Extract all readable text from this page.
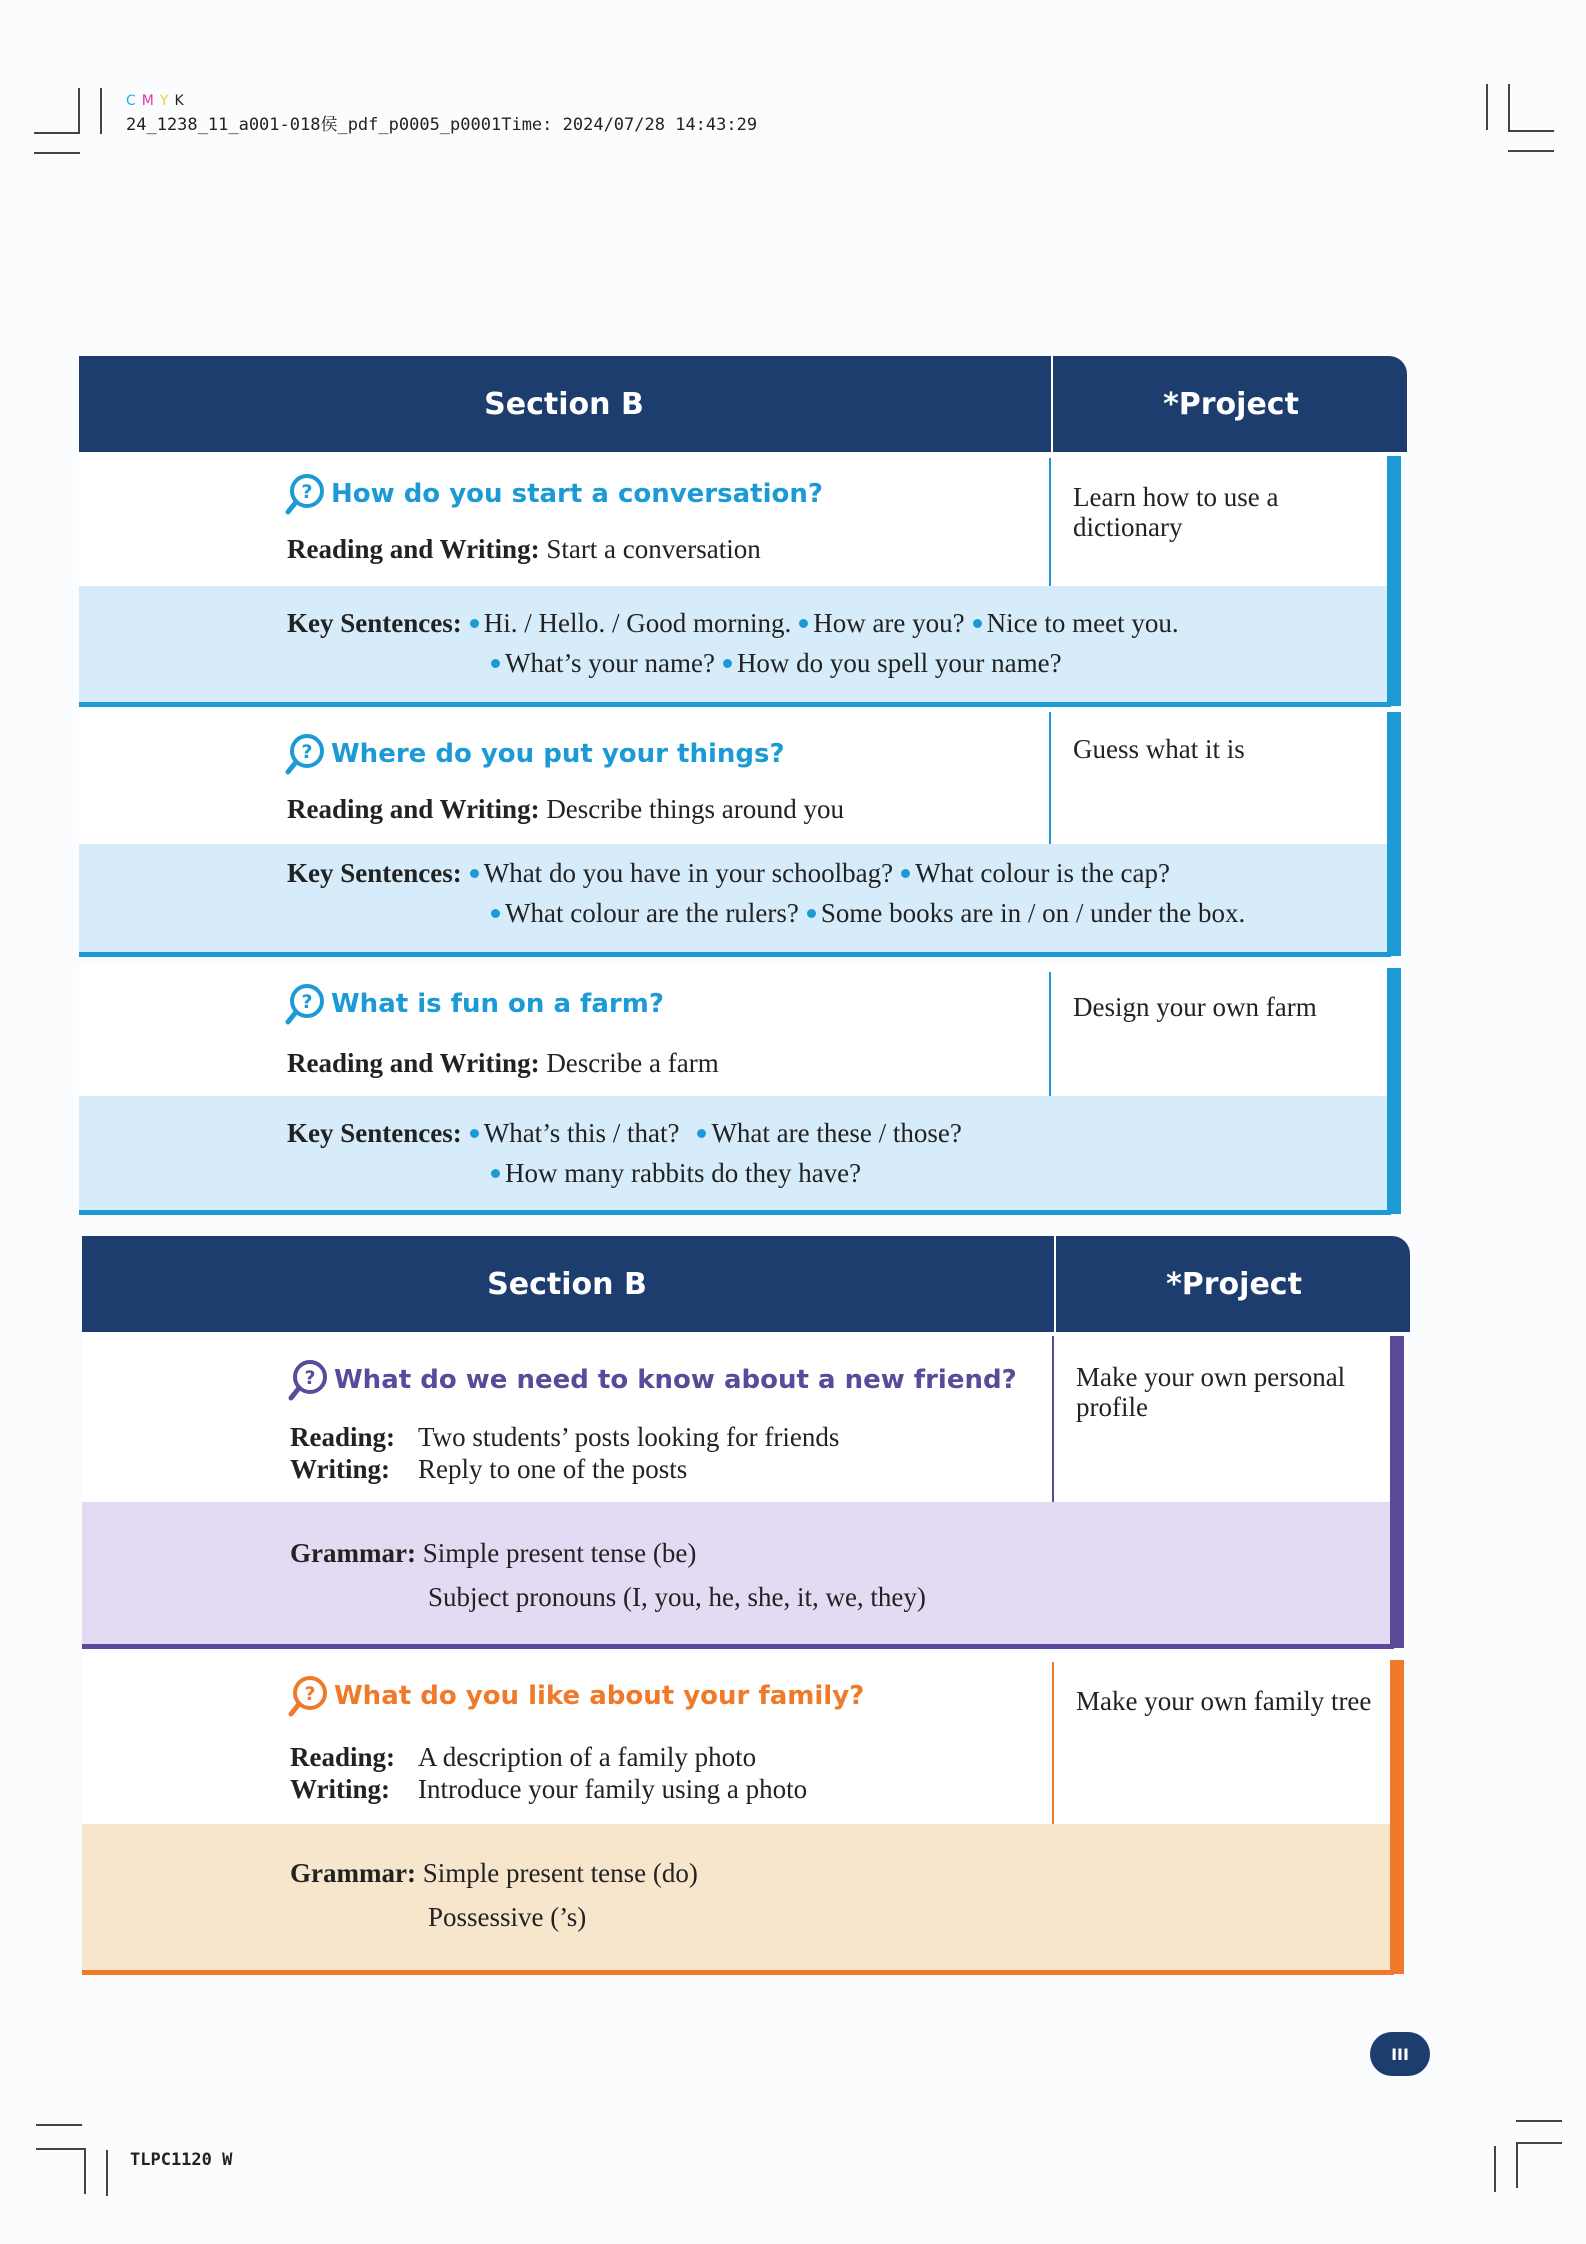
C M Y K
24_1238_11_a001-018侯_pdf_p0005_p0001Time: 2024/07/28 14:43:29
TLPC1120 W
Section B	*Project
? How do you start a conversation?
Reading and Writing: Start a conversation
Learn how to use a dictionary
Key Sentences: Hi. / Hello. / Good morning. How are you? Nice to meet you.
What’s your name? How do you spell your name?
? Where do you put your things?
Reading and Writing: Describe things around you
Guess what it is
Key Sentences: What do you have in your schoolbag? What colour is the cap?
What colour are the rulers? Some books are in / on / under the box.
? What is fun on a farm?
Reading and Writing: Describe a farm
Design your own farm
Key Sentences: What’s this / that? What are these / those?
How many rabbits do they have?
Section B	*Project
? What do we need to know about a new friend?
Reading: Two students’ posts looking for friends
Writing: Reply to one of the posts
Make your own personal profile
Grammar: Simple present tense (be)
Subject pronouns (I, you, he, she, it, we, they)
? What do you like about your family?
Reading: A description of a family photo
Writing: Introduce your family using a photo
Make your own family tree
Grammar: Simple present tense (do)
Possessive (’s)
III
